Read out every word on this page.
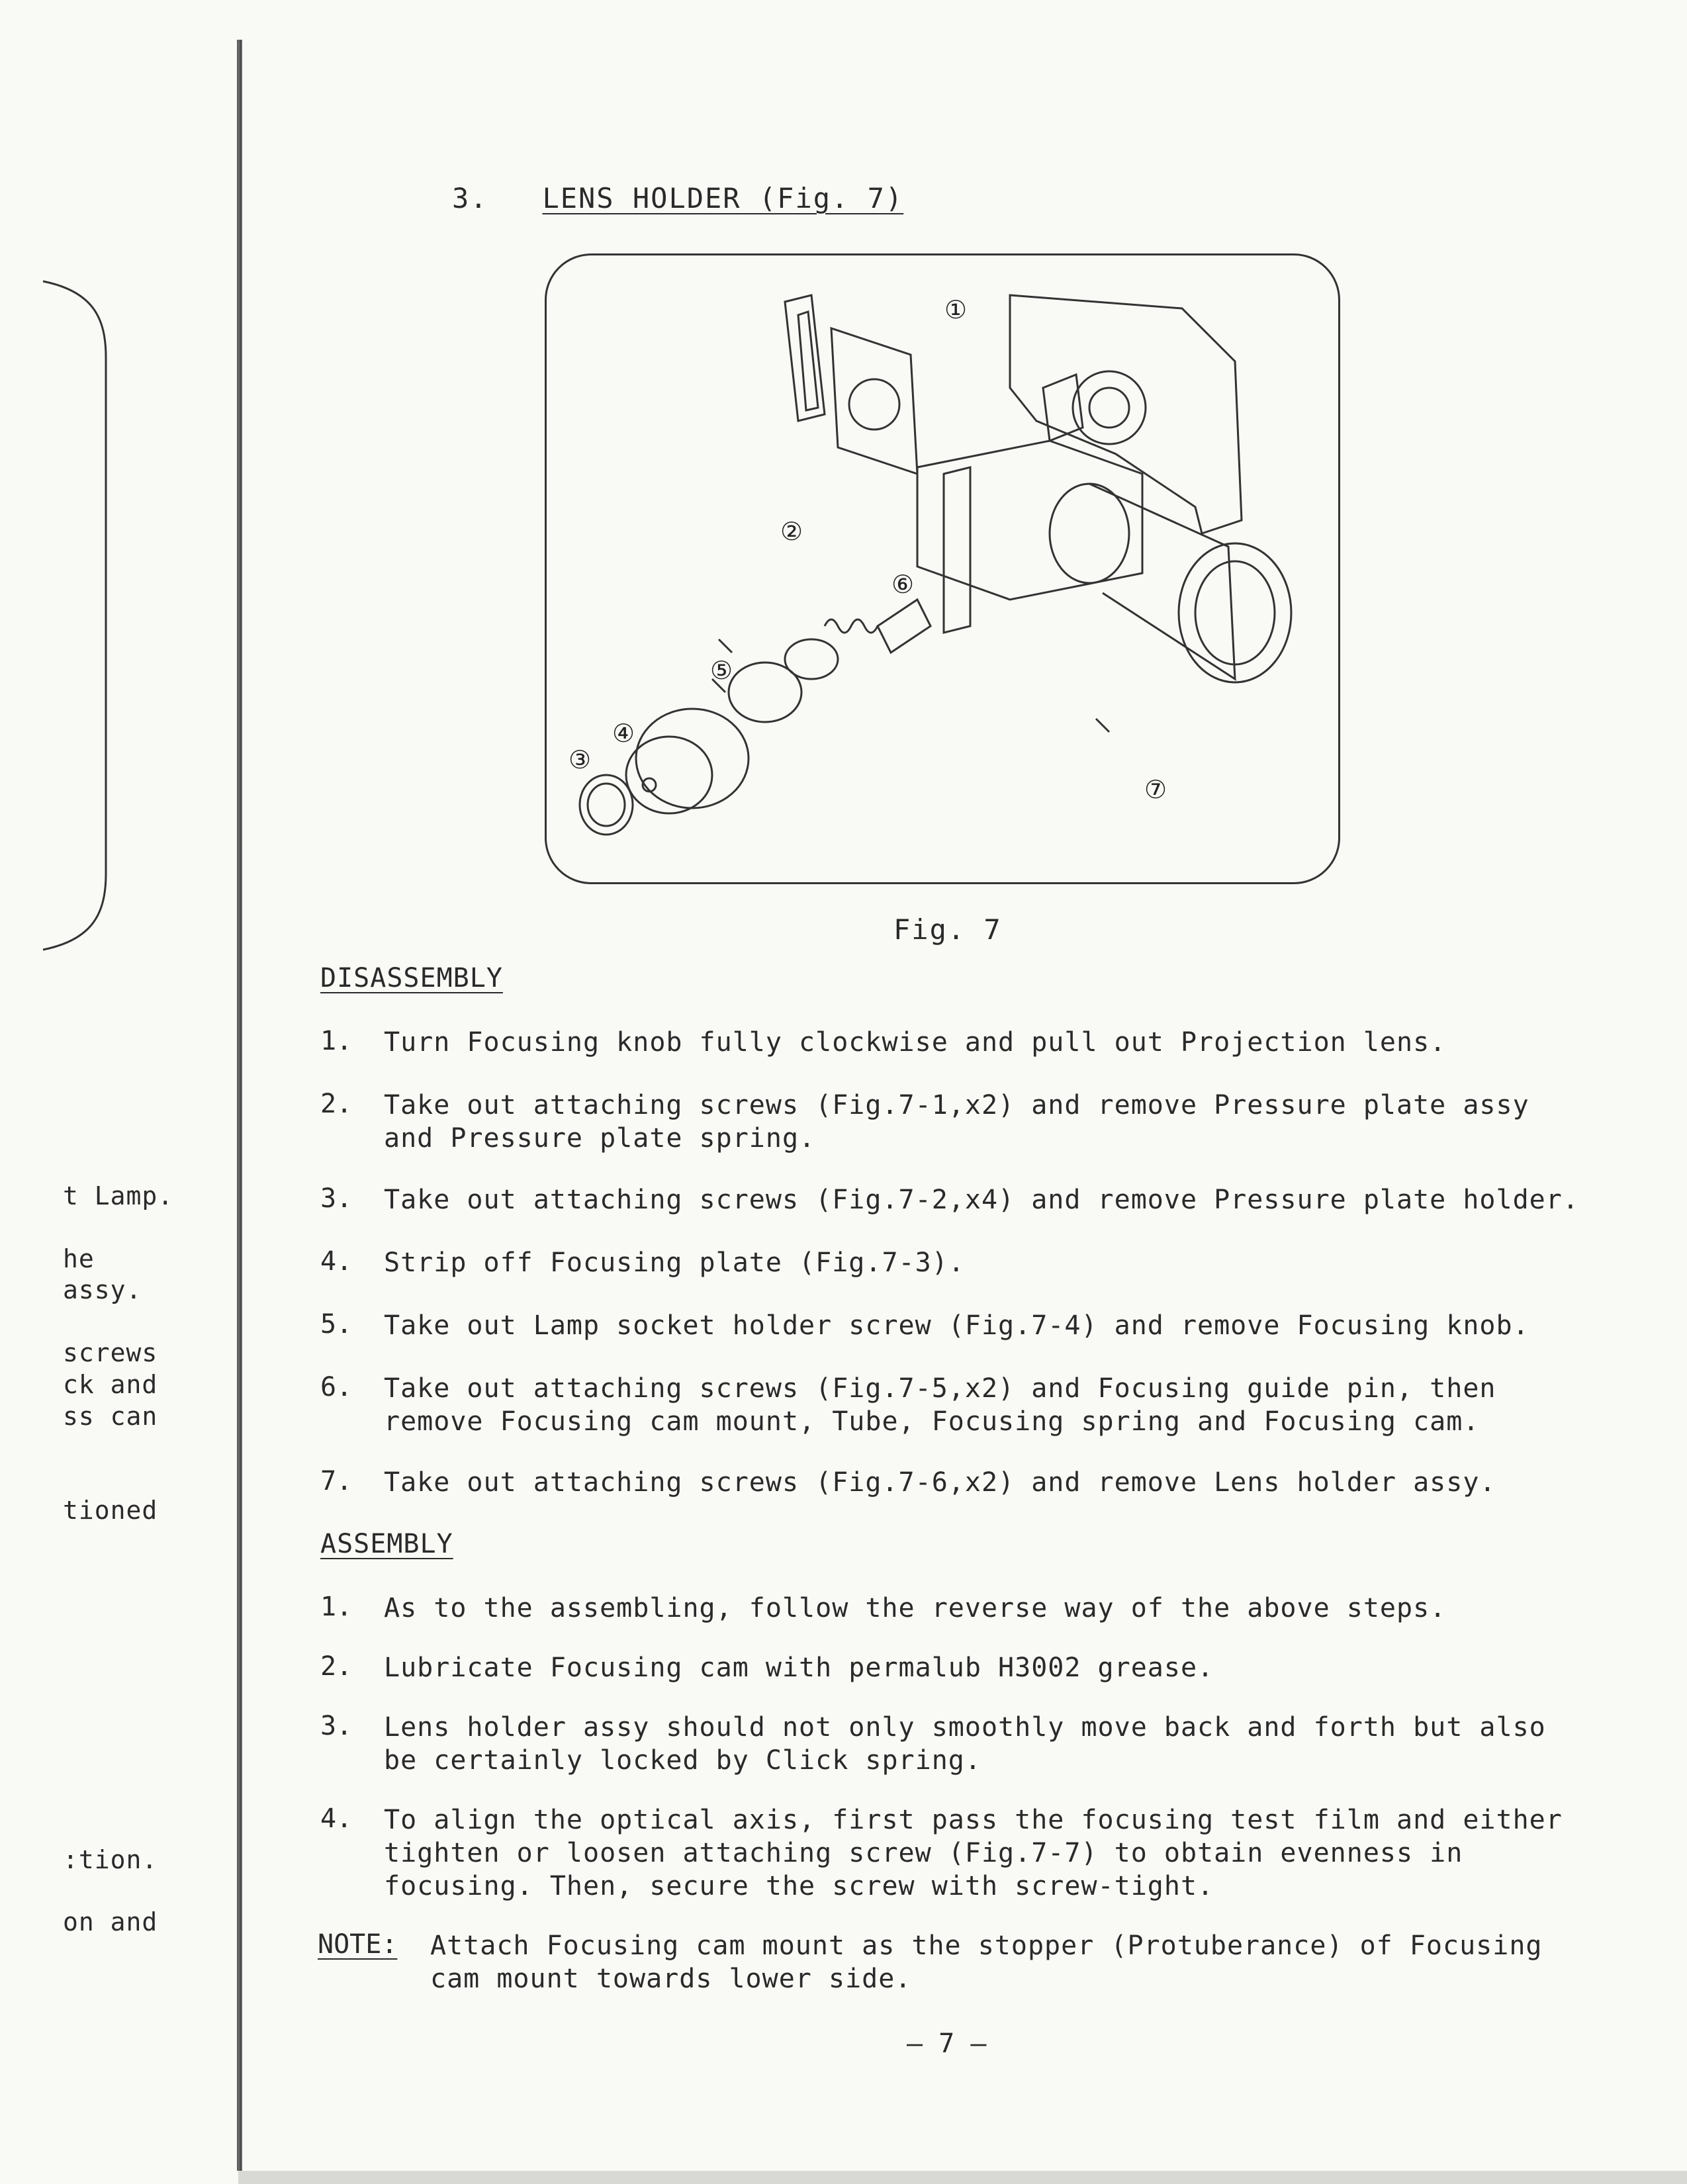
t Lamp.
he
assy.
screws
ck and
ss can
tioned
:tion.
on and
3. LENS HOLDER (Fig. 7)
①
②
③
④
⑤
⑥
⑦
Fig. 7
DISASSEMBLY
1. Turn Focusing knob fully clockwise and pull out Projection lens.
2. Take out attaching screws (Fig.7-1,x2) and remove Pressure plate assy and Pressure plate spring.
3. Take out attaching screws (Fig.7-2,x4) and remove Pressure plate holder.
4. Strip off Focusing plate (Fig.7-3).
5. Take out Lamp socket holder screw (Fig.7-4) and remove Focusing knob.
6. Take out attaching screws (Fig.7-5,x2) and Focusing guide pin, then remove Focusing cam mount, Tube, Focusing spring and Focusing cam.
7. Take out attaching screws (Fig.7-6,x2) and remove Lens holder assy.
ASSEMBLY
1. As to the assembling, follow the reverse way of the above steps.
2. Lubricate Focusing cam with permalub H3002 grease.
3. Lens holder assy should not only smoothly move back and forth but also be certainly locked by Click spring.
4. To align the optical axis, first pass the focusing test film and either tighten or loosen attaching screw (Fig.7-7) to obtain evenness in focusing. Then, secure the screw with screw-tight.
NOTE: Attach Focusing cam mount as the stopper (Protuberance) of Focusing cam mount towards lower side.
— 7 —
